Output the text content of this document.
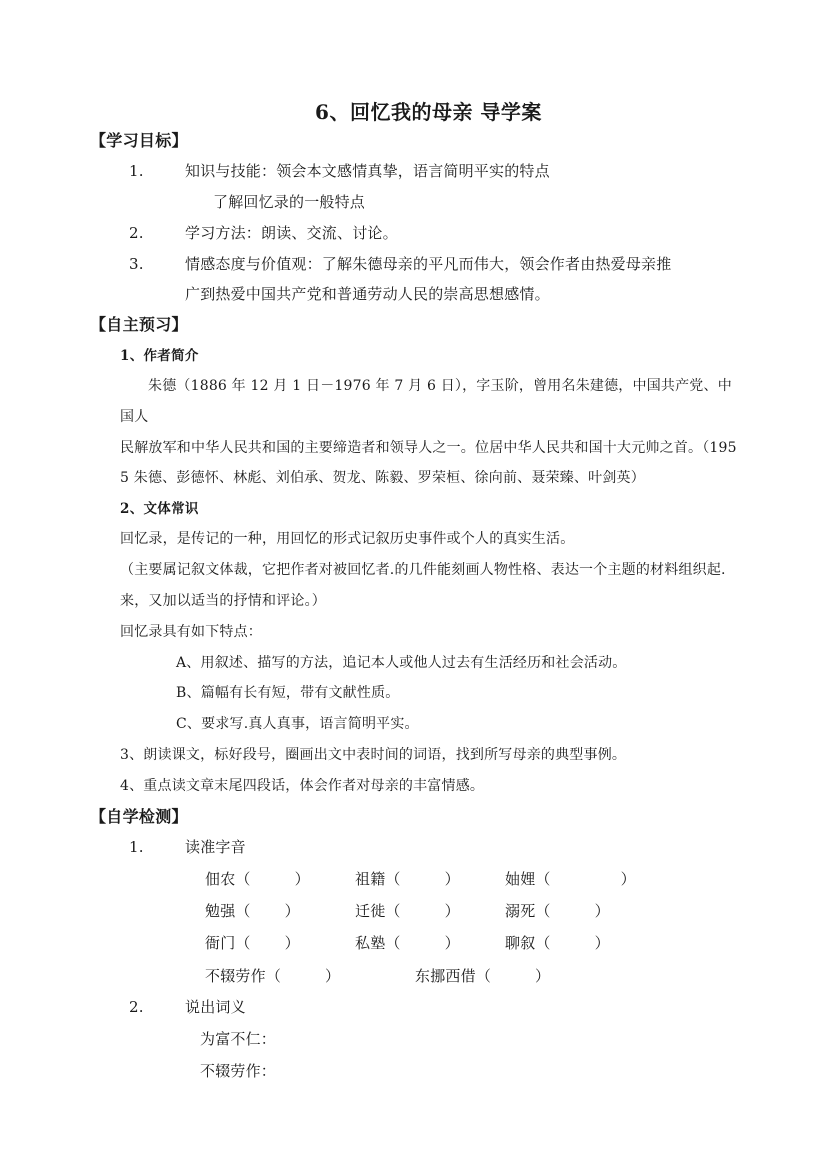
6、回忆我的母亲 导学案
【学习目标】
1.	知识与技能：领会本文感情真挚，语言简明平实的特点
了解回忆录的一般特点
2.	学习方法：朗读、交流、讨论。
3.	情感态度与价值观：了解朱德母亲的平凡而伟大，领会作者由热爱母亲推
广到热爱中国共产党和普通劳动人民的崇高思想感情。
【自主预习】
1、作者简介
朱德（1886 年 12 月 1 日－1976 年 7 月 6 日），字玉阶，曾用名朱建德，中国共产党、中国人
民解放军和中华人民共和国的主要缔造者和领导人之一。位居中华人民共和国十大元帅之首。（195
5 朱德、彭德怀、林彪、刘伯承、贺龙、陈毅、罗荣桓、徐向前、聂荣臻、叶剑英）
2、文体常识
回忆录，是传记的一种，用回忆的形式记叙历史事件或个人的真实生活。
（主要属记叙文体裁，它把作者对被回忆者.的几件能刻画人物性格、表达一个主题的材料组织起.
来，又加以适当的抒情和评论。）
回忆录具有如下特点：
A、用叙述、描写的方法，追记本人或他人过去有生活经历和社会活动。
B、篇幅有长有短，带有文献性质。
C、要求写.真人真事，语言简明平实。
3、朗读课文，标好段号，圈画出文中表时间的词语，找到所写母亲的典型事例。
4、重点读文章末尾四段话，体会作者对母亲的丰富情感。
【自学检测】
1.	读准字音
佃农（	）	祖籍（	）	妯娌（	）
勉强（ ）	迁徙（	）	溺死（	）
衙门（ ）	私塾（	）	聊叙（	）
不辍劳作（	）	东挪西借（	）
2.	说出词义
为富不仁：
不辍劳作：
